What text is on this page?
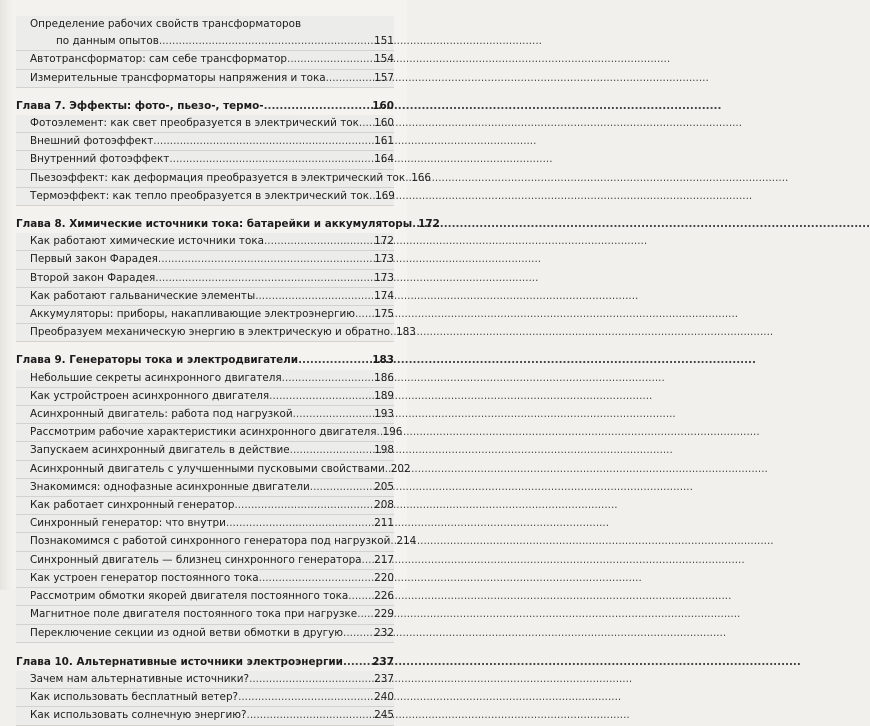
Определение рабочих свойств трансформаторов
по данным опытов .....	151
Автотрансформатор: сам себе трансформатор .....	154
Измерительные трансформаторы напряжения и тока .....	157
Глава 7. Эффекты: фото-, пьезо-, термо- .....	160
Фотоэлемент: как свет преобразуется в электрический ток ..... 160
Внешний фотоэффект .....	161
Внутренний фотоэффект .....	164
Пьезоэффект: как деформация преобразуется в электрический ток ..... 166
Термоэффект: как тепло преобразуется в электрический ток ..... 169
Глава 8. Химические источники тока: батарейки и аккумуляторы ..... 172
Как работают химические источники тока .....	172
Первый закон Фарадея .....	173
Второй закон Фарадея .....	173
Как работают гальванические элементы .....	174
Аккумуляторы: приборы, накапливающие электроэнергию ..... 175
Преобразуем механическую энергию в электрическую и обратно ..... 183
Глава 9. Генераторы тока и электродвигатели .....	183
Небольшие секреты асинхронного двигателя .....	186
Как устройстроен асинхронного двигателя .....	189
Асинхронный двигатель: работа под нагрузкой .....	193
Рассмотрим рабочие характеристики асинхронного двигателя ..... 196
Запускаем асинхронный двигатель в действие .....	198
Асинхронный двигатель с улучшенными пусковыми свойствами ..... 202
Знакомимся: однофазные асинхронные двигатели .....	205
Как работает синхронный генератор .....	208
Синхронный генератор: что внутри .....	211
Познакомимся с работой синхронного генератора под нагрузкой ..... 214
Синхронный двигатель — близнец синхронного генератора ..... 217
Как устроен генератор постоянного тока .....	220
Рассмотрим обмотки якорей двигателя постоянного тока ..... 226
Магнитное поле двигателя постоянного тока при нагрузке ..... 229
Переключение секции из одной ветви обмотки в другую .....	232
Глава 10. Альтернативные источники электроэнергии .....	237
Зачем нам альтернативные источники? .....	237
Как использовать бесплатный ветер? .....	240
Как использовать солнечную энергию? .....	245
